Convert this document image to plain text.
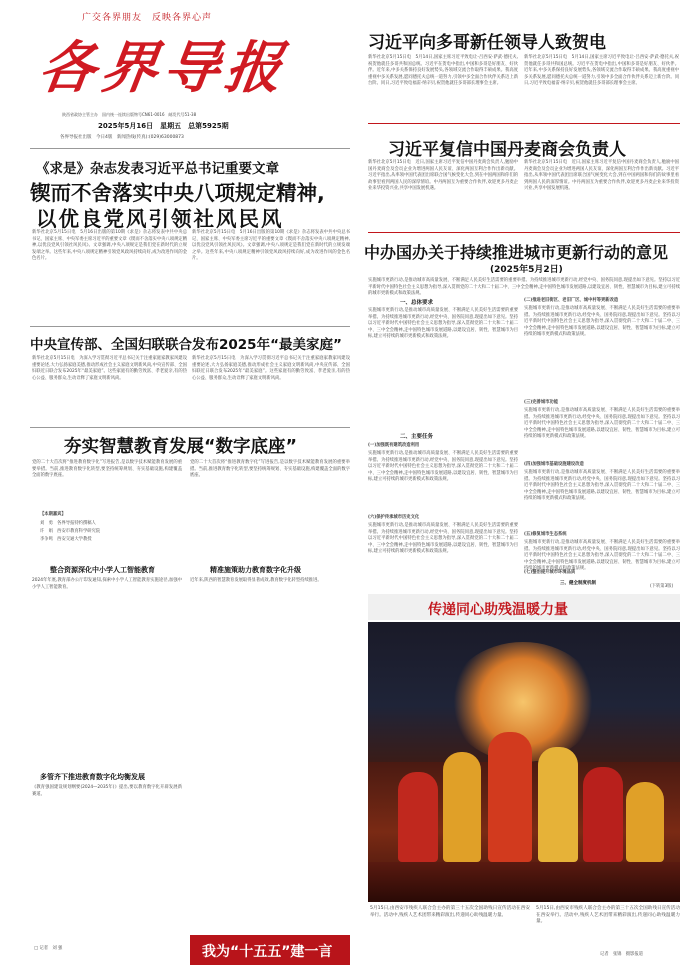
广交各界朋友　反映各界心声
各界导报
陕西省政协主管主办　国内统一连续出版物号CN61-0016　邮发代号51-38
2025年5月16日　星期五　总第5925期
各界导报社出版　今日4版　新闻热线(传真):(029)63000873
习近平向多哥新任领导人致贺电
新华社北京5月15日电　5月14日,国家主席习近平致电让-吕西安·萨武·德托夫,祝贺他就任多哥共和国总统。习近平在贺电中指出,中国和多哥是好朋友、好伙伴。近年来,中多关系保持良好发展势头,各领域交流合作取得丰硕成果。我高度重视中多关系发展,愿同德托夫总统一道努力,引领中多全面合作伙伴关系迈上新台阶。同日,习近平致电福雷·纳辛贝,祝贺他就任多哥部长理事会主席。
新华社北京5月15日电　5月14日,国家主席习近平致电让-吕西安·萨武·德托夫,祝贺他就任多哥共和国总统。习近平在贺电中指出,中国和多哥是好朋友、好伙伴。近年来,中多关系保持良好发展势头,各领域交流合作取得丰硕成果。我高度重视中多关系发展,愿同德托夫总统一道努力,引领中多全面合作伙伴关系迈上新台阶。同日,习近平致电福雷·纳辛贝,祝贺他就任多哥部长理事会主席。
习近平复信中国丹麦商会负责人
新华社北京5月15日电　近日,国家主席习近平复信中国丹麦商会负责人,勉励中国丹麦商会及会员企业为增进两国人民友谊、深化两国互利合作作出新贡献。习近平指出,从率领中国代表团出席联合国气候变化大会,到在中国两国和你们的故事里看到两国人民的深厚情谊。中丹两国互为重要合作伙伴,欢迎更多丹麦企业来华投资兴业,共享中国发展机遇。
新华社北京5月15日电　近日,国家主席习近平复信中国丹麦商会负责人,勉励中国丹麦商会及会员企业为增进两国人民友谊、深化两国互利合作作出新贡献。习近平指出,从率领中国代表团出席联合国气候变化大会,到在中国两国和你们的故事里看到两国人民的深厚情谊。中丹两国互为重要合作伙伴,欢迎更多丹麦企业来华投资兴业,共享中国发展机遇。
《求是》杂志发表习近平总书记重要文章
锲而不舍落实中央八项规定精神,
以优良党风引领社风民风
新华社北京5月15日电　5月16日出版的第10期《求是》杂志将发表中共中央总书记、国家主席、中央军委主席习近平的重要文章《锲而不舍落实中央八项规定精神,以优良党风引领社风民风》。文章强调,中央八项规定是我们党在新时代的立规发端之举。这些年来,中央八项规定精神引领党风政风持续向好,成为改进作风的金色名片。
新华社北京5月15日电　5月16日出版的第10期《求是》杂志将发表中共中央总书记、国家主席、中央军委主席习近平的重要文章《锲而不舍落实中央八项规定精神,以优良党风引领社风民风》。文章强调,中央八项规定是我们党在新时代的立规发端之举。这些年来,中央八项规定精神引领党风政风持续向好,成为改进作风的金色名片。	中办国办关于持续推进城市更新行动的意见
(2025年5月2日)
实施城市更新行动,是推动城市高质量发展、不断满足人民美好生活需要的重要举措。为持续推进城市更新行动,经党中央、国务院同意,现提出如下意见。坚持以习近平新时代中国特色社会主义思想为指导,深入贯彻党的二十大和二十届二中、三中全会精神,走中国特色城市发展道路,以建设宜居、韧性、智慧城市为目标,建立可持续的城市更新模式和政策法规。
一、总体要求
实施城市更新行动,是推动城市高质量发展、不断满足人民美好生活需要的重要举措。为持续推进城市更新行动,经党中央、国务院同意,现提出如下意见。坚持以习近平新时代中国特色社会主义思想为指导,深入贯彻党的二十大和二十届二中、三中全会精神,走中国特色城市发展道路,以建设宜居、韧性、智慧城市为目标,建立可持续的城市更新模式和政策法规。
二、主要任务
(一)加强既有建筑改造利用
实施城市更新行动,是推动城市高质量发展、不断满足人民美好生活需要的重要举措。为持续推进城市更新行动,经党中央、国务院同意,现提出如下意见。坚持以习近平新时代中国特色社会主义思想为指导,深入贯彻党的二十大和二十届二中、三中全会精神,走中国特色城市发展道路,以建设宜居、韧性、智慧城市为目标,建立可持续的城市更新模式和政策法规。
(六)保护传承城市历史文化
实施城市更新行动,是推动城市高质量发展、不断满足人民美好生活需要的重要举措。为持续推进城市更新行动,经党中央、国务院同意,现提出如下意见。坚持以习近平新时代中国特色社会主义思想为指导,深入贯彻党的二十大和二十届二中、三中全会精神,走中国特色城市发展道路,以建设宜居、韧性、智慧城市为目标,建立可持续的城市更新模式和政策法规。
(二)推进老旧街区、老旧厂区、城中村等更新改造
实施城市更新行动,是推动城市高质量发展、不断满足人民美好生活需要的重要举措。为持续推进城市更新行动,经党中央、国务院同意,现提出如下意见。坚持以习近平新时代中国特色社会主义思想为指导,深入贯彻党的二十大和二十届二中、三中全会精神,走中国特色城市发展道路,以建设宜居、韧性、智慧城市为目标,建立可持续的城市更新模式和政策法规。
(三)完善城市功能
实施城市更新行动,是推动城市高质量发展、不断满足人民美好生活需要的重要举措。为持续推进城市更新行动,经党中央、国务院同意,现提出如下意见。坚持以习近平新时代中国特色社会主义思想为指导,深入贯彻党的二十大和二十届二中、三中全会精神,走中国特色城市发展道路,以建设宜居、韧性、智慧城市为目标,建立可持续的城市更新模式和政策法规。
(四)加强城市基础设施建设改造
实施城市更新行动,是推动城市高质量发展、不断满足人民美好生活需要的重要举措。为持续推进城市更新行动,经党中央、国务院同意,现提出如下意见。坚持以习近平新时代中国特色社会主义思想为指导,深入贯彻党的二十大和二十届二中、三中全会精神,走中国特色城市发展道路,以建设宜居、韧性、智慧城市为目标,建立可持续的城市更新模式和政策法规。
(五)修复城市生态系统
实施城市更新行动,是推动城市高质量发展、不断满足人民美好生活需要的重要举措。为持续推进城市更新行动,经党中央、国务院同意,现提出如下意见。坚持以习近平新时代中国特色社会主义思想为指导,深入贯彻党的二十大和二十届二中、三中全会精神,走中国特色城市发展道路,以建设宜居、韧性、智慧城市为目标,建立可持续的城市更新模式和政策法规。
(七)整治提升城市环境品质
三、健全制度机制
(下转第3版)
中央宣传部、全国妇联联合发布2025年“最美家庭”
新华社北京5月15日电　为深入学习贯彻习近平总书记关于注重家庭家教家风建设重要论述,大力弘扬家庭美德,推动形成社会主义家庭文明新风尚,中央宣传部、全国妇联近日联合发布2025年“最美家庭”。这些家庭有的勤劳致富、孝老爱亲,有的热心公益、服务群众,生动诠释了家庭文明新风尚。
新华社北京5月15日电　为深入学习贯彻习近平总书记关于注重家庭家教家风建设重要论述,大力弘扬家庭美德,推动形成社会主义家庭文明新风尚,中央宣传部、全国妇联近日联合发布2025年“最美家庭”。这些家庭有的勤劳致富、孝老爱亲,有的热心公益、服务群众,生动诠释了家庭文明新风尚。
夯实智慧教育发展“数字底座”
党的二十大首次将“推进教育数字化”写进报告,是以数字技术赋能教育发展的重要举措。当前,推进教育数字化转型,要坚持统筹规划、夯实基础设施,构建覆盖全面的数字底座。
【本期嘉宾】
刘　勇　各界导报特约撰稿人
许　娟　西安市教育科学研究院
李争鸣　西安交通大学教授
党的二十大首次将“推进教育数字化”写进报告,是以数字技术赋能教育发展的重要举措。当前,推进教育数字化转型,要坚持统筹规划、夯实基础设施,构建覆盖全面的数字底座。
整合资源深化中小学人工智能教育
2024年年底,教育部办公厅印发通知,探索中小学人工智能教育实施途径,加强中小学人工智能教育。
精准施策助力教育数字化升级
近年来,陕西的智慧教育发展取得显著成效,教育数字化转型持续推进。
多管齐下推进教育数字化均衡发展
《教育强国建设规划纲要(2024—2035年)》提出,要以教育数字化开辟发展新赛道。
我为“十五五”建一言
□ 记者　刘 强
传递同心助残温暖力量
5月15日,由西安市残疾人联合会主办的第三十五次全国助残日宣传活动在西安举行。活动中,残疾人艺术团带来精彩演出,传递同心助残温暖力量。
5月15日,由西安市残疾人联合会主办的第三十五次全国助残日宣传活动在西安举行。活动中,残疾人艺术团带来精彩演出,传递同心助残温暖力量。
记者　张锦　摄影报道
